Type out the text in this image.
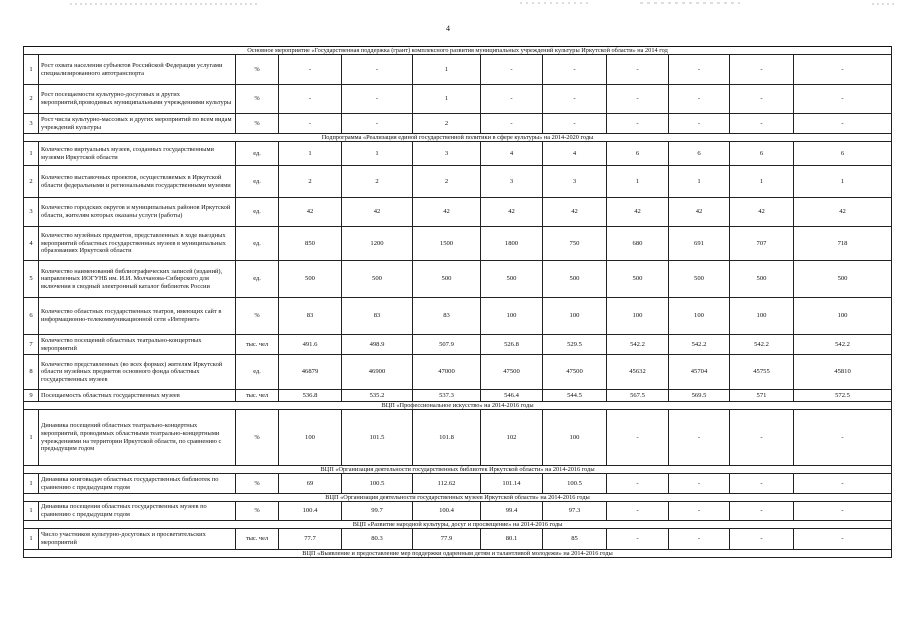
4
Основное мероприятие «Государственная поддержка (грант) комплексного развития муниципальных учреждений культуры Иркутской области» на 2014 год											
1	Рост охвата населения субъектов Российской Федерации услугами специализированного автотранспорта	%	-	-	1	-	-	-	-	-	-
2	Рост посещаемости культурно-досуговых и других мероприятий,проводимых муниципальными учреждениями культуры	%	-	-	1	-	-	-	-	-	-
3	Рост числа культурно-массовых и других мероприятий по всем видам учреждений культуры	%	-	-	2	-	-	-	-	-	-
Подпрограмма «Реализация единой государственной политики в сфере культуры» на 2014-2020 годы											
1	Количество виртуальных музеев, созданных государственными музеями Иркутской области	ед.	1	1	3	4	4	6	6	6	6
2	Количество выставочных проектов, осуществляемых в Иркутской области федеральными и региональными государственными музеями	ед.	2	2	2	3	3	1	1	1	1
3	Количество городских округов и муниципальных районов Иркутской области, жителям которых оказаны услуги (работы)	ед.	42	42	42	42	42	42	42	42	42
4	Количество музейных предметов, представленных в ходе выездных мероприятий областных государственных музеев в муниципальных образованиях Иркутской области	ед.	850	1200	1500	1800	750	680	691	707	718
5	Количество наименований библиографических записей (изданий), направленных ИОГУНБ им. И.И. Молчанова-Сибирского для включения в сводный электронный каталог библиотек России	ед.	500	500	500	500	500	500	500	500	500
6	Количество областных государственных театров, имеющих сайт в информационно-телекоммуникационной сети «Интернет»	%	83	83	83	100	100	100	100	100	100
7	Количество посещений областных театрально-концертных мероприятий	тыс. чел	491.6	498.9	507.9	526.8	529.5	542.2	542.2	542.2	542.2
8	Количество представленных (во всех формах) жителям Иркутской области музейных предметов основного фонда областных государственных музеев	ед.	46879	46900	47000	47500	47500	45632	45704	45755	45810
9	Посещаемость областных государственных музеев	тыс. чел	536.8	535.2	537.3	546.4	544.5	567.5	569.5	571	572.5
ВЦП «Профессиональное искусство» на 2014-2016 годы											
1	Динамика посещений областных театрально-концертных мероприятий, проводимых областными театрально-концертными учреждениями на территории Иркутской области, по сравнению с предыдущим годом	%	100	101.5	101.8	102	100	-	-	-	-
ВЦП «Организация деятельности государственных библиотек Иркутской области» на 2014-2016 годы											
1	Динамика книговыдач областных государственных библиотек по сравнению с предыдущим годом	%	69	100.5	112.62	101.14	100.5	-	-	-	-
ВЦП «Организация деятельности государственных музеев Иркутской области» на 2014-2016 годы											
1	Динамика посещения областных государственных музеев по сравнению с предыдущим годом	%	100.4	99.7	100.4	99.4	97.3	-	-	-	-
ВЦП «Развитие народной культуры, досуг и просвещение» на 2014-2016 годы											
1	Число участников культурно-досуговых и просветительских мероприятий	тыс. чел	77.7	80.3	77.9	80.1	85	-	-	-	-
ВЦП «Выявление и предоставление мер поддержки одаренным детям и талантливой молодежи» на 2014-2016 годы											
